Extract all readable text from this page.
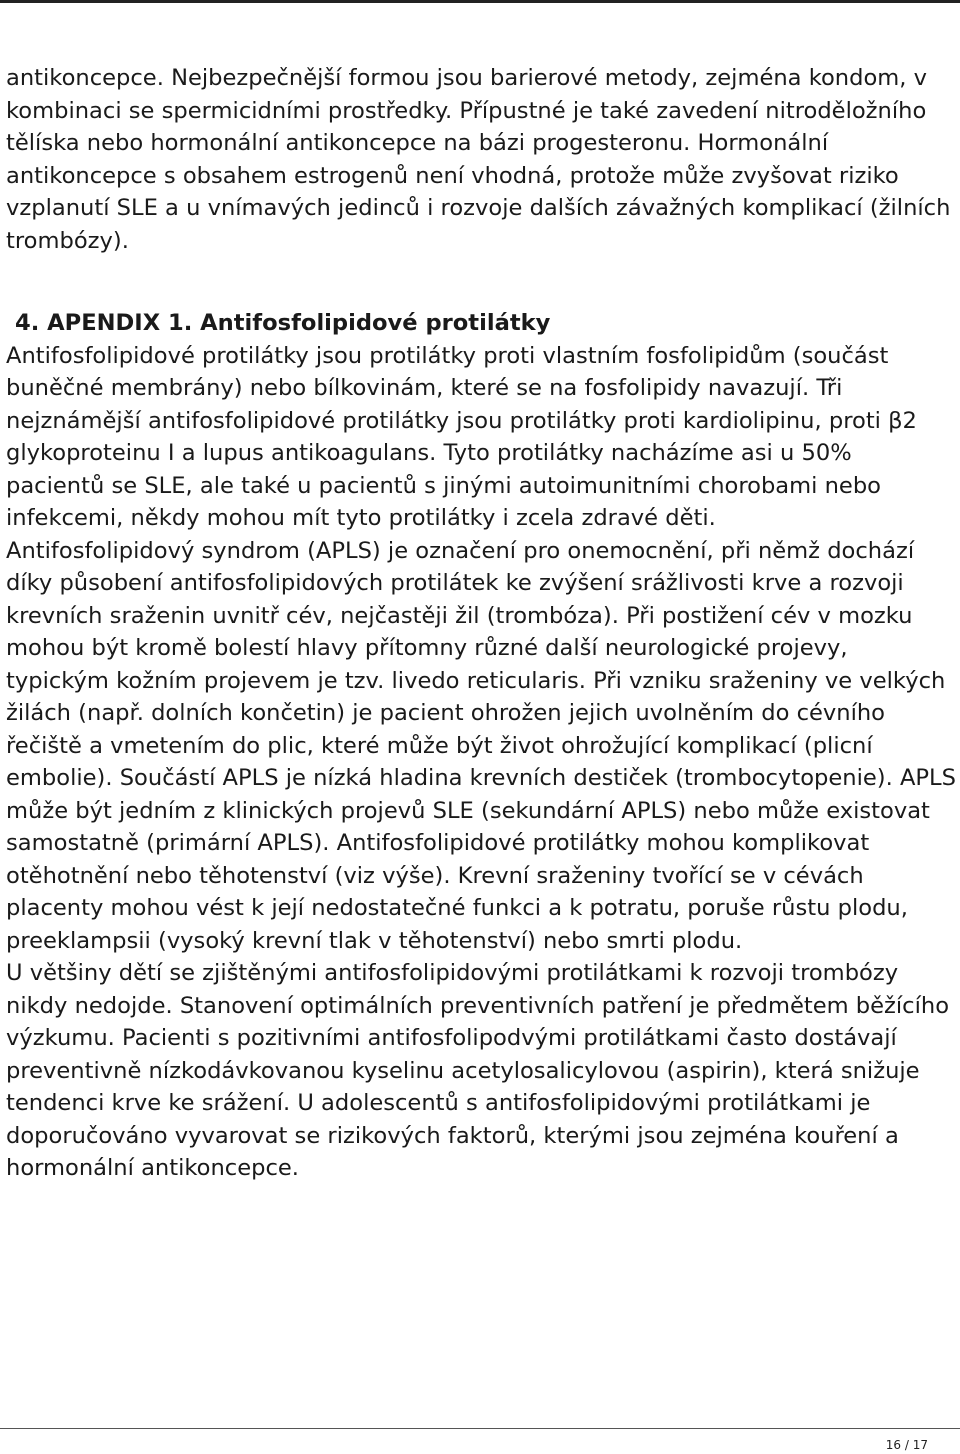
antikoncepce. Nejbezpečnější formou jsou barierové metody, zejména kondom, v kombinaci se spermicidními prostředky. Přípustné je také zavedení nitroděložního tělíska nebo hormonální antikoncepce na bázi progesteronu. Hormonální antikoncepce s obsahem estrogenů není vhodná, protože může zvyšovat riziko vzplanutí SLE a u vnímavých jedinců i rozvoje dalších závažných komplikací (žilních trombózy).

4. APENDIX 1. Antifosfolipidové protilátky

Antifosfolipidové protilátky jsou protilátky proti vlastním fosfolipidům (součást buněčné membrány) nebo bílkovinám, které se na fosfolipidy navazují. Tři nejznámější antifosfolipidové protilátky jsou protilátky proti kardiolipinu, proti β2 glykoproteinu I a lupus antikoagulans. Tyto protilátky nacházíme asi u 50% pacientů se SLE, ale také u pacientů s jinými autoimunitními chorobami nebo infekcemi, někdy mohou mít tyto protilátky i zcela zdravé děti.

Antifosfolipidový syndrom (APLS) je označení pro onemocnění, při němž dochází díky působení antifosfolipidových protilátek ke zvýšení srážlivosti krve a rozvoji krevních sraženin uvnitř cév, nejčastěji žil (trombóza). Při postižení cév v mozku mohou být kromě bolestí hlavy přítomny různé další neurologické projevy, typickým kožním projevem je tzv. livedo reticularis. Při vzniku sraženiny ve velkých žilách (např. dolních končetin) je pacient ohrožen jejich uvolněním do cévního řečiště a vmetením do plic, které může být život ohrožující komplikací (plicní embolie). Součástí APLS je nízká hladina krevních destiček (trombocytopenie). APLS může být jedním z klinických projevů SLE (sekundární APLS) nebo může existovat samostatně (primární APLS). Antifosfolipidové protilátky mohou komplikovat otěhotnění nebo těhotenství (viz výše). Krevní sraženiny tvořící se v cévách placenty mohou vést k její nedostatečné funkci a k potratu, poruše růstu plodu, preeklampsii (vysoký krevní tlak v těhotenství) nebo smrti plodu.

U většiny dětí se zjištěnými antifosfolipidovými protilátkami k rozvoji trombózy nikdy nedojde. Stanovení optimálních preventivních patření je předmětem běžícího výzkumu. Pacienti s pozitivními antifosfolipodvými protilátkami často dostávají preventivně nízkodávkovanou kyselinu acetylosalicylovou (aspirin), která snižuje tendenci krve ke srážení. U adolescentů s antifosfolipidovými protilátkami je doporučováno vyvarovat se rizikových faktorů, kterými jsou zejména kouření a hormonální antikoncepce.

16 / 17
